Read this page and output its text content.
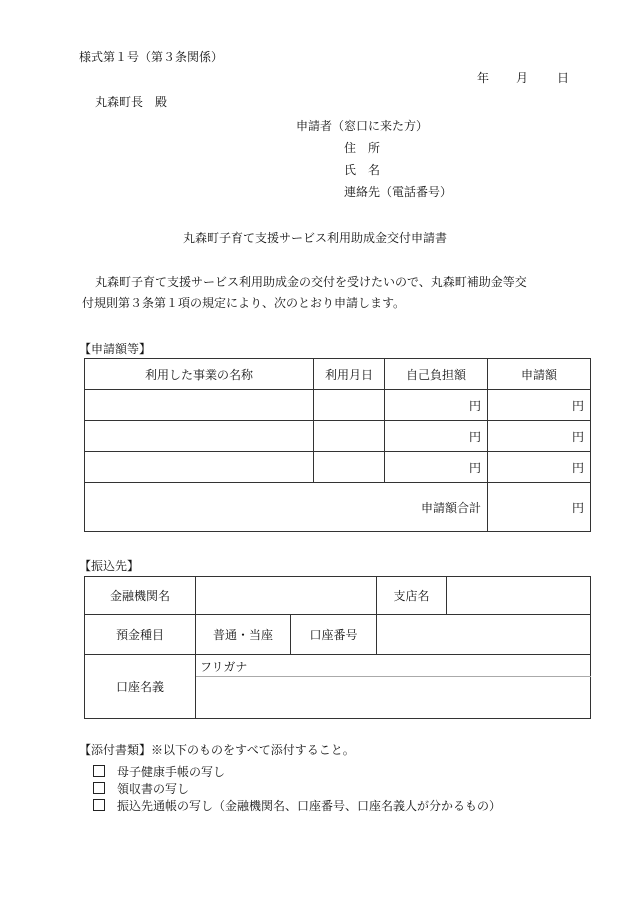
様式第１号（第３条関係）
年 月 日
丸森町長　殿
申請者（窓口に来た方）
住　所
氏　名
連絡先（電話番号）
丸森町子育て支援サービス利用助成金交付申請書
丸森町子育て支援サービス利用助成金の交付を受けたいので、丸森町補助金等交
付規則第３条第１項の規定により、次のとおり申請します。
【申請額等】
利用した事業の名称	利用月日	自己負担額	申請額
		円	円
		円	円
		円	円
申請額合計			円
【振込先】
金融機関名			支店名	
預金種目	普通・当座	口座番号		
口座名義	フリガナ			

【添付書類】※以下のものをすべて添付すること。
母子健康手帳の写し
領収書の写し
振込先通帳の写し（金融機関名、口座番号、口座名義人が分かるもの）
